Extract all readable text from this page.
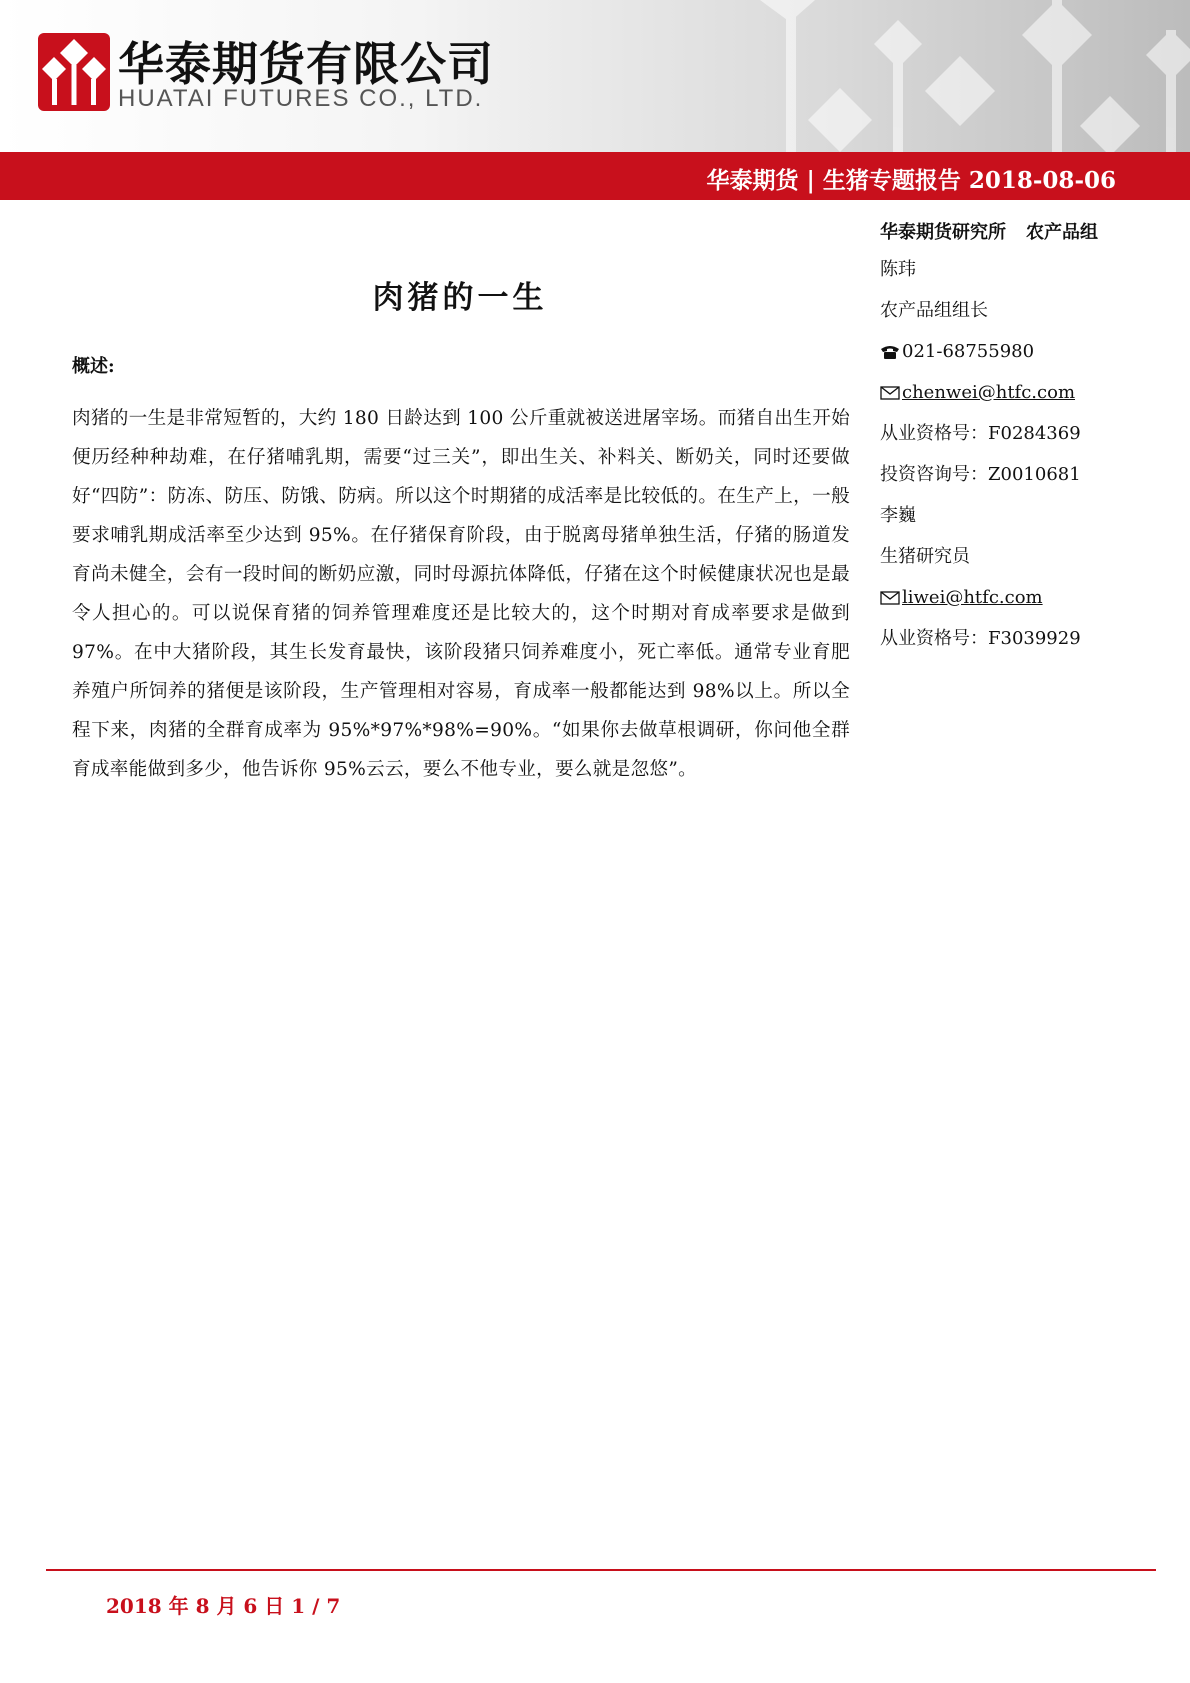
华泰期货有限公司
HUATAI FUTURES CO., LTD.
华泰期货 | 生猪专题报告 2018-08-06
肉猪的一生
概述:
肉猪的一生是非常短暂的，大约 180 日龄达到 100 公斤重就被送进屠宰场。而猪自出生开始便历经种种劫难，在仔猪哺乳期，需要“过三关”，即出生关、补料关、断奶关，同时还要做好“四防”：防冻、防压、防饿、防病。所以这个时期猪的成活率是比较低的。在生产上，一般要求哺乳期成活率至少达到 95%。在仔猪保育阶段，由于脱离母猪单独生活，仔猪的肠道发育尚未健全，会有一段时间的断奶应激，同时母源抗体降低，仔猪在这个时候健康状况也是最令人担心的。可以说保育猪的饲养管理难度还是比较大的，这个时期对育成率要求是做到 97%。在中大猪阶段，其生长发育最快，该阶段猪只饲养难度小，死亡率低。通常专业育肥养殖户所饲养的猪便是该阶段，生产管理相对容易，育成率一般都能达到 98%以上。所以全程下来，肉猪的全群育成率为 95%*97%*98%=90%。“如果你去做草根调研，你问他全群育成率能做到多少，他告诉你 95%云云，要么不他专业，要么就是忽悠”。
华泰期货研究所 农产品组
陈玮
农产品组组长
021-68755980
chenwei@htfc.com
从业资格号： F0284369
投资咨询号： Z0010681
李巍
生猪研究员
liwei@htfc.com
从业资格号： F3039929
2018 年 8 月 6 日 1 / 7
